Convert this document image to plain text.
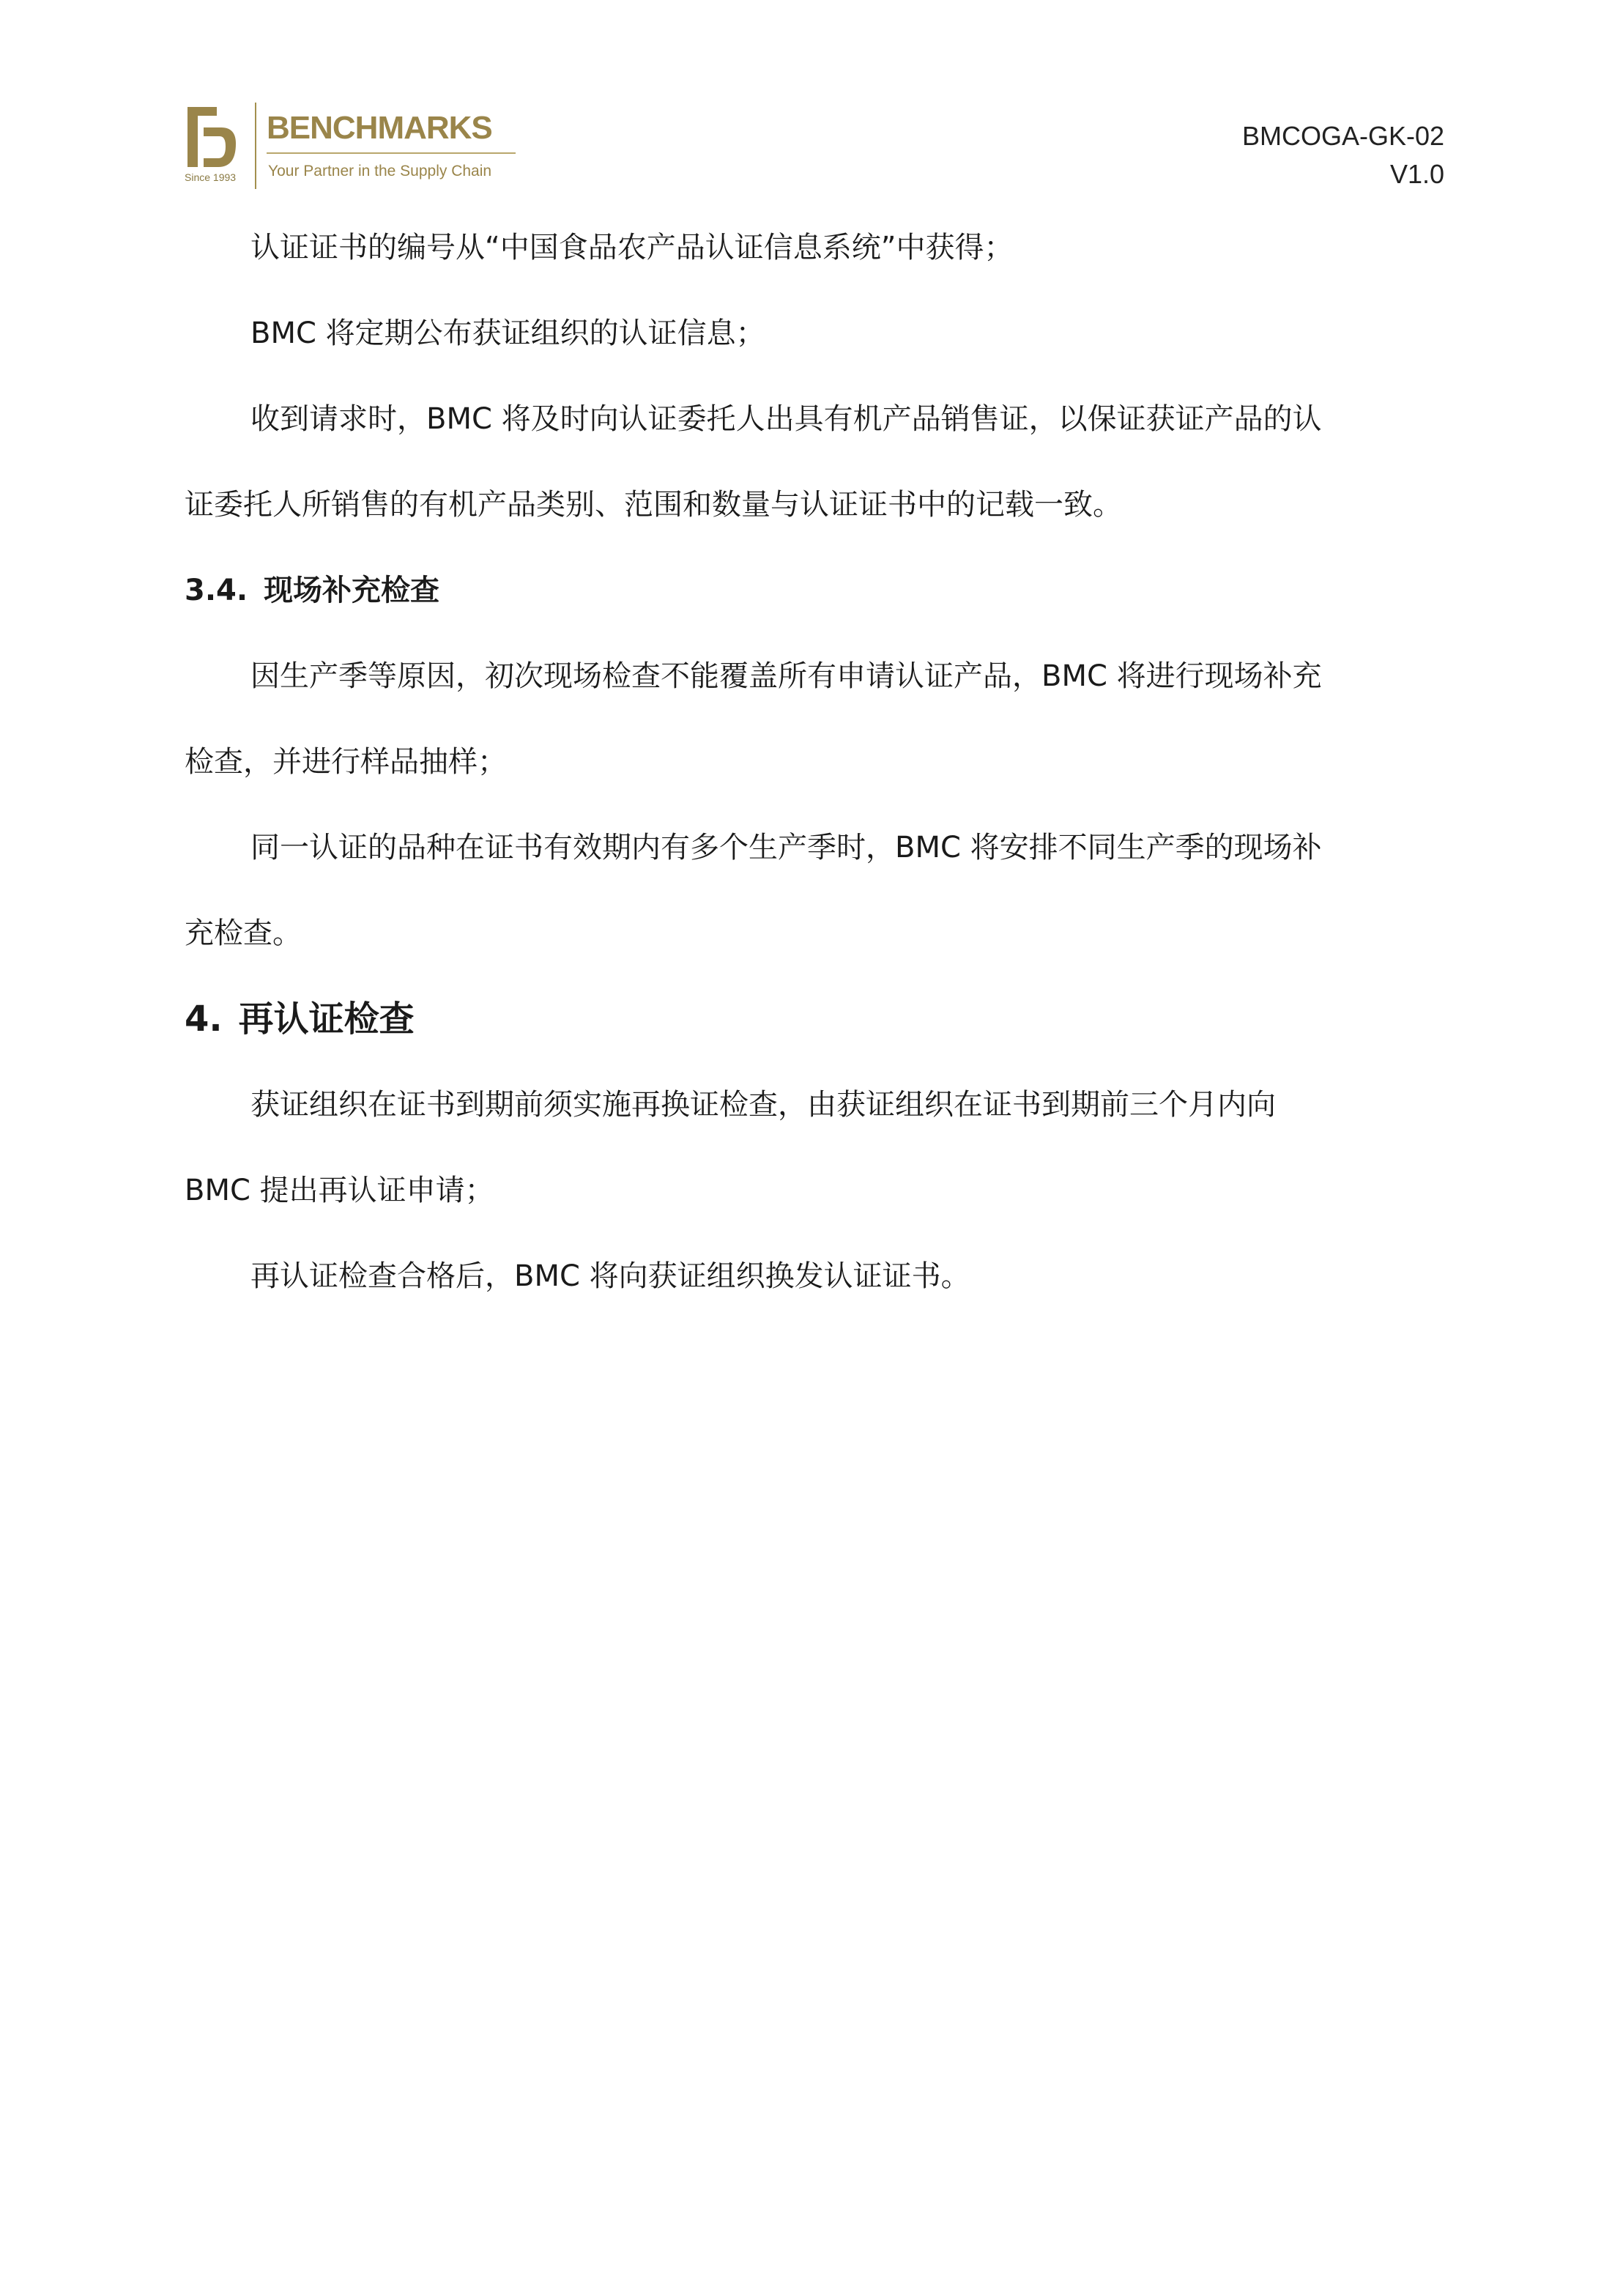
BENCHMARKS
Your Partner in the Supply Chain
Since 1993
BMCOGA-GK-02
V1.0

认证证书的编号从“中国食品农产品认证信息系统”中获得；

BMC 将定期公布获证组织的认证信息；

收到请求时，BMC 将及时向认证委托人出具有机产品销售证，以保证获证产品的认

证委托人所销售的有机产品类别、范围和数量与认证证书中的记载一致。

3.4. 现场补充检查

因生产季等原因，初次现场检查不能覆盖所有申请认证产品，BMC 将进行现场补充

检查，并进行样品抽样；

同一认证的品种在证书有效期内有多个生产季时，BMC 将安排不同生产季的现场补

充检查。

4. 再认证检查

获证组织在证书到期前须实施再换证检查，由获证组织在证书到期前三个月内向

BMC 提出再认证申请；

再认证检查合格后，BMC 将向获证组织换发认证证书。
